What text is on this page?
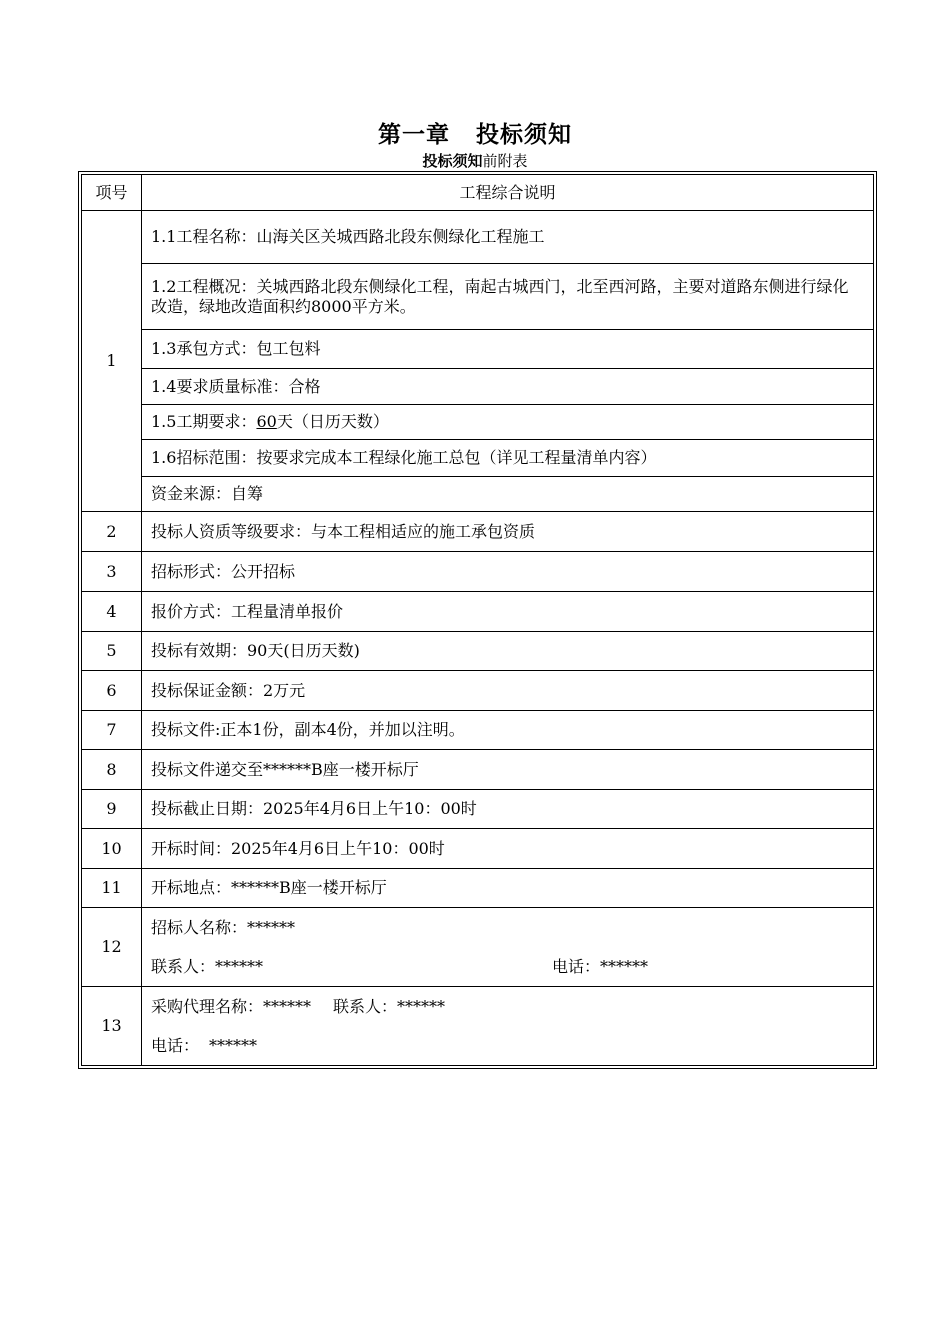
第一章 投标须知
投标须知前附表
项号	工程综合说明
1	1.1工程名称：山海关区关城西路北段东侧绿化工程施工
	1.2工程概况：关城西路北段东侧绿化工程，南起古城西门，北至西河路，主要对道路东侧进行绿化改造，绿地改造面积约8000平方米。
	1.3承包方式：包工包料
	1.4要求质量标准：合格
	1.5工期要求：60天（日历天数）
	1.6招标范围：按要求完成本工程绿化施工总包（详见工程量清单内容）
	资金来源：自筹
2	投标人资质等级要求：与本工程相适应的施工承包资质
3	招标形式：公开招标
4	报价方式：工程量清单报价
5	投标有效期：90天(日历天数)
6	投标保证金额：2万元
7	投标文件:正本1份，副本4份，并加以注明。
8	投标文件递交至******B座一楼开标厅
9	投标截止日期：2025年4月6日上午10：00时
10	开标时间：2025年4月6日上午10：00时
11	开标地点：******B座一楼开标厅
12	招标人名称：******
联系人：****** 电话：******

13	采购代理名称：****** 联系人：******
电话： ******
